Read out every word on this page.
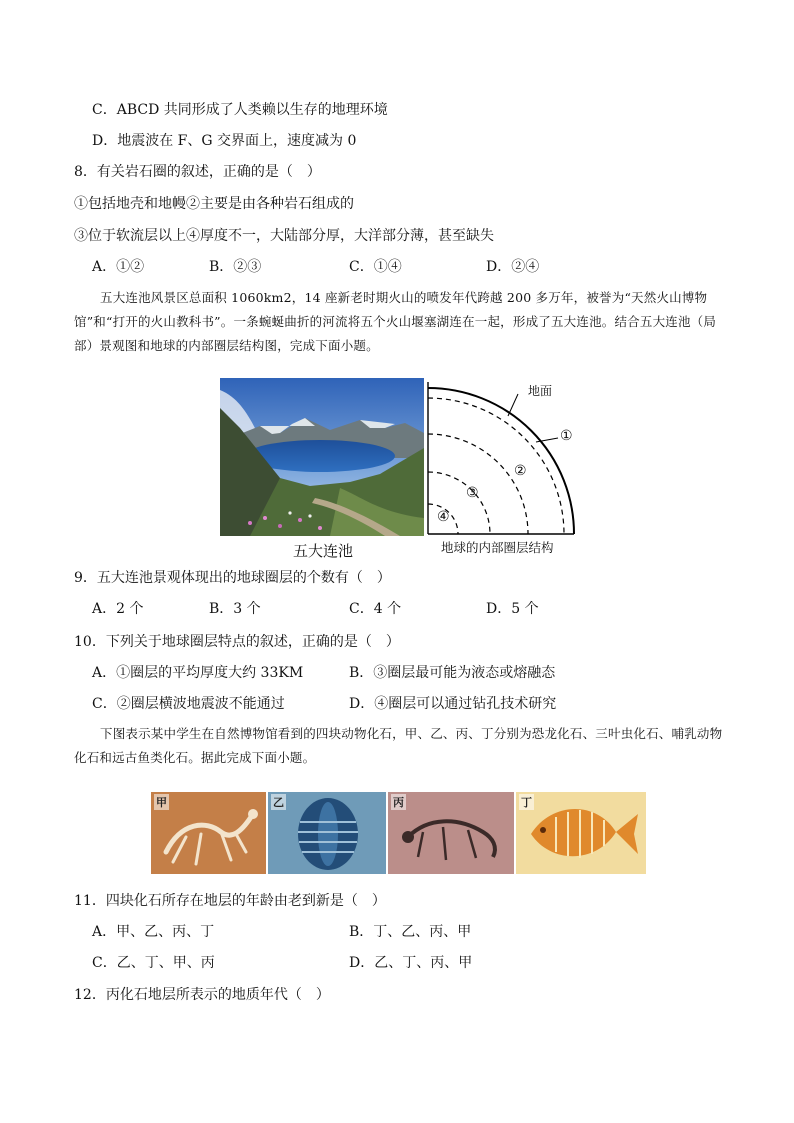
C．ABCD 共同形成了人类赖以生存的地理环境
D．地震波在 F、G 交界面上，速度减为 0
8．有关岩石圈的叙述，正确的是（　）
①包括地壳和地幔②主要是由各种岩石组成的
③位于软流层以上④厚度不一，大陆部分厚，大洋部分薄，甚至缺失
A．①②	B．②③	C．①④	D．②④
五大连池风景区总面积 1060km2，14 座新老时期火山的喷发年代跨越 200 多万年，被誉为“天然火山博物馆”和“打开的火山教科书”。一条蜿蜒曲折的河流将五个火山堰塞湖连在一起，形成了五大连池。结合五大连池（局部）景观图和地球的内部圈层结构图，完成下面小题。
五大连池
地面
①
②
③
④
地球的内部圈层结构
9．五大连池景观体现出的地球圈层的个数有（　）
A．2 个	B．3 个	C．4 个	D．5 个
10．下列关于地球圈层特点的叙述，正确的是（　）
A．①圈层的平均厚度大约 33KM	B．③圈层最可能为液态或熔融态
C．②圈层横波地震波不能通过	D．④圈层可以通过钻孔技术研究
下图表示某中学生在自然博物馆看到的四块动物化石，甲、乙、丙、丁分别为恐龙化石、三叶虫化石、哺乳动物化石和远古鱼类化石。据此完成下面小题。
甲	乙	丙	丁
11．四块化石所存在地层的年龄由老到新是（　）
A．甲、乙、丙、丁	B．丁、乙、丙、甲
C．乙、丁、甲、丙	D．乙、丁、丙、甲
12．丙化石地层所表示的地质年代（　）
